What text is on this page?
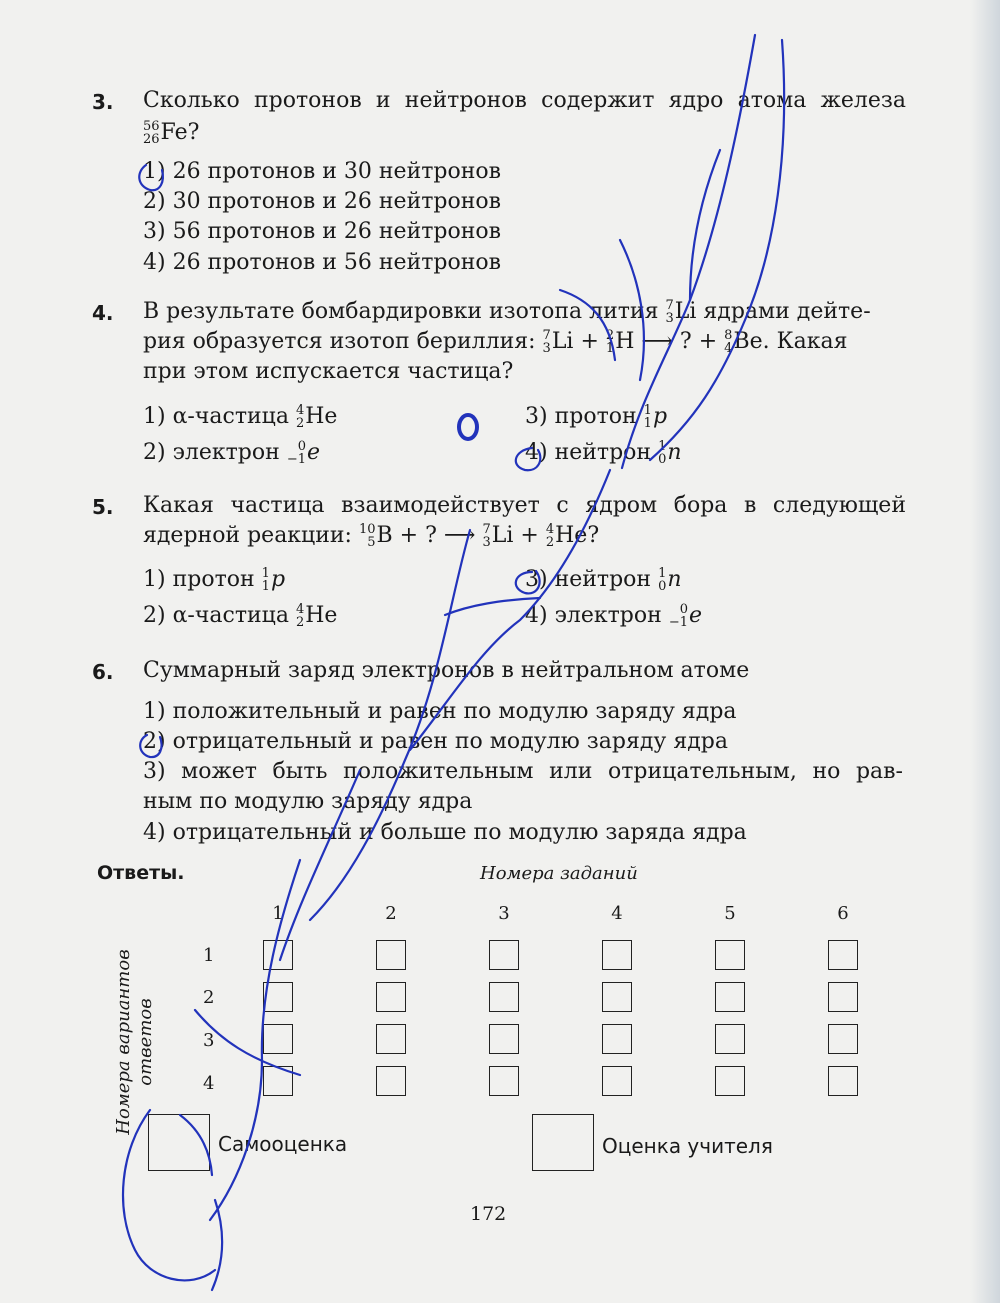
3. Сколько протонов и нейтронов содержит ядро атома железа
56
26 Fe?
1) 26 протонов и 30 нейтронов
2) 30 протонов и 26 нейтронов
3) 56 протонов и 26 нейтронов
4) 26 протонов и 56 нейтронов
4. В результате бомбардировки изотопа лития 7
3 Li ядрами дейте-
рия образуется изотоп бериллия: 7
3 Li + 2
1 H ⟶ ? + 8
4 Ве. Какая
при этом испускается частица?
1) α-частица 4
2 He
2) электрон	0
−1 e
3) протон 1
1 p
4) нейтрон 1
0 n
5. Какая частица взаимодействует с ядром бора в следующей
ядерной реакции: 10
5 B + ? ⟶ 7
3 Li + 4
2 He?
1) протон 1
1 p
2) α-частица 4
2 He
3) нейтрон 1
0 n
4) электрон	0
−1 e
6. Суммарный заряд электронов в нейтральном атоме
1) положительный и равен по модулю заряду ядра
2) отрицательный и равен по модулю заряду ядра
3) может быть положительным или отрицательным, но рав-
ным по модулю заряду ядра
4) отрицательный и больше по модулю заряда ядра
Ответы.	Номера заданий
1	2	3	4	5	6
1
2
3
4
Номера вариантов ответов
Самооценка	Оценка учителя
172
